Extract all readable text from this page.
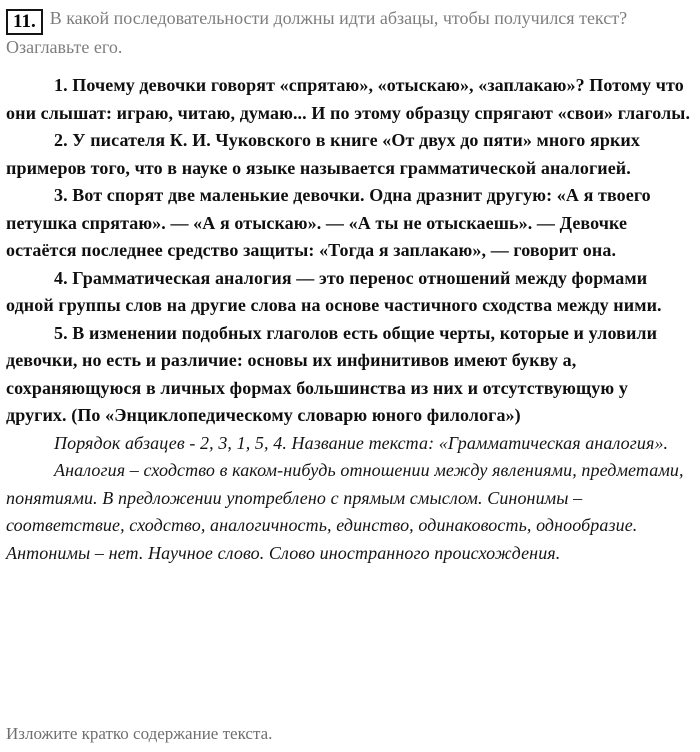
11. В какой последовательности должны идти абзацы, чтобы получился текст? Озаглавьте его.

1. Почему девочки говорят «спрятаю», «отыскаю», «заплакаю»? Потому что они слышат: играю, читаю, думаю... И по этому образцу спрягают «свои» глаголы.

2. У писателя К. И. Чуковского в книге «От двух до пяти» много ярких примеров того, что в науке о языке называется грамматической аналогией.

3. Вот спорят две маленькие девочки. Одна дразнит другую: «А я твоего петушка спрятаю». — «А я отыскаю». — «А ты не отыскаешь». — Девочке остаётся последнее средство защиты: «Тогда я заплакаю», — говорит она.

4. Грамматическая аналогия — это перенос отношений между формами одной группы слов на другие слова на основе частичного сходства между ними.

5. В изменении подобных глаголов есть общие черты, которые и уловили девочки, но есть и различие: основы их инфинитивов имеют букву а, сохраняющуюся в личных формах большинства из них и отсутствующую у других. (По «Энциклопедическому словарю юного филолога»)

Порядок абзацев - 2, 3, 1, 5, 4. Название текста: «Грамматическая аналогия».

Аналогия – сходство в каком-нибудь отношении между явлениями, предметами, понятиями. В предложении употреблено с прямым смыслом. Синонимы – соответствие, сходство, аналогичность, единство, одинаковость, однообразие. Антонимы – нет. Научное слово. Слово иностранного происхождения.

Изложите кратко содержание текста.
